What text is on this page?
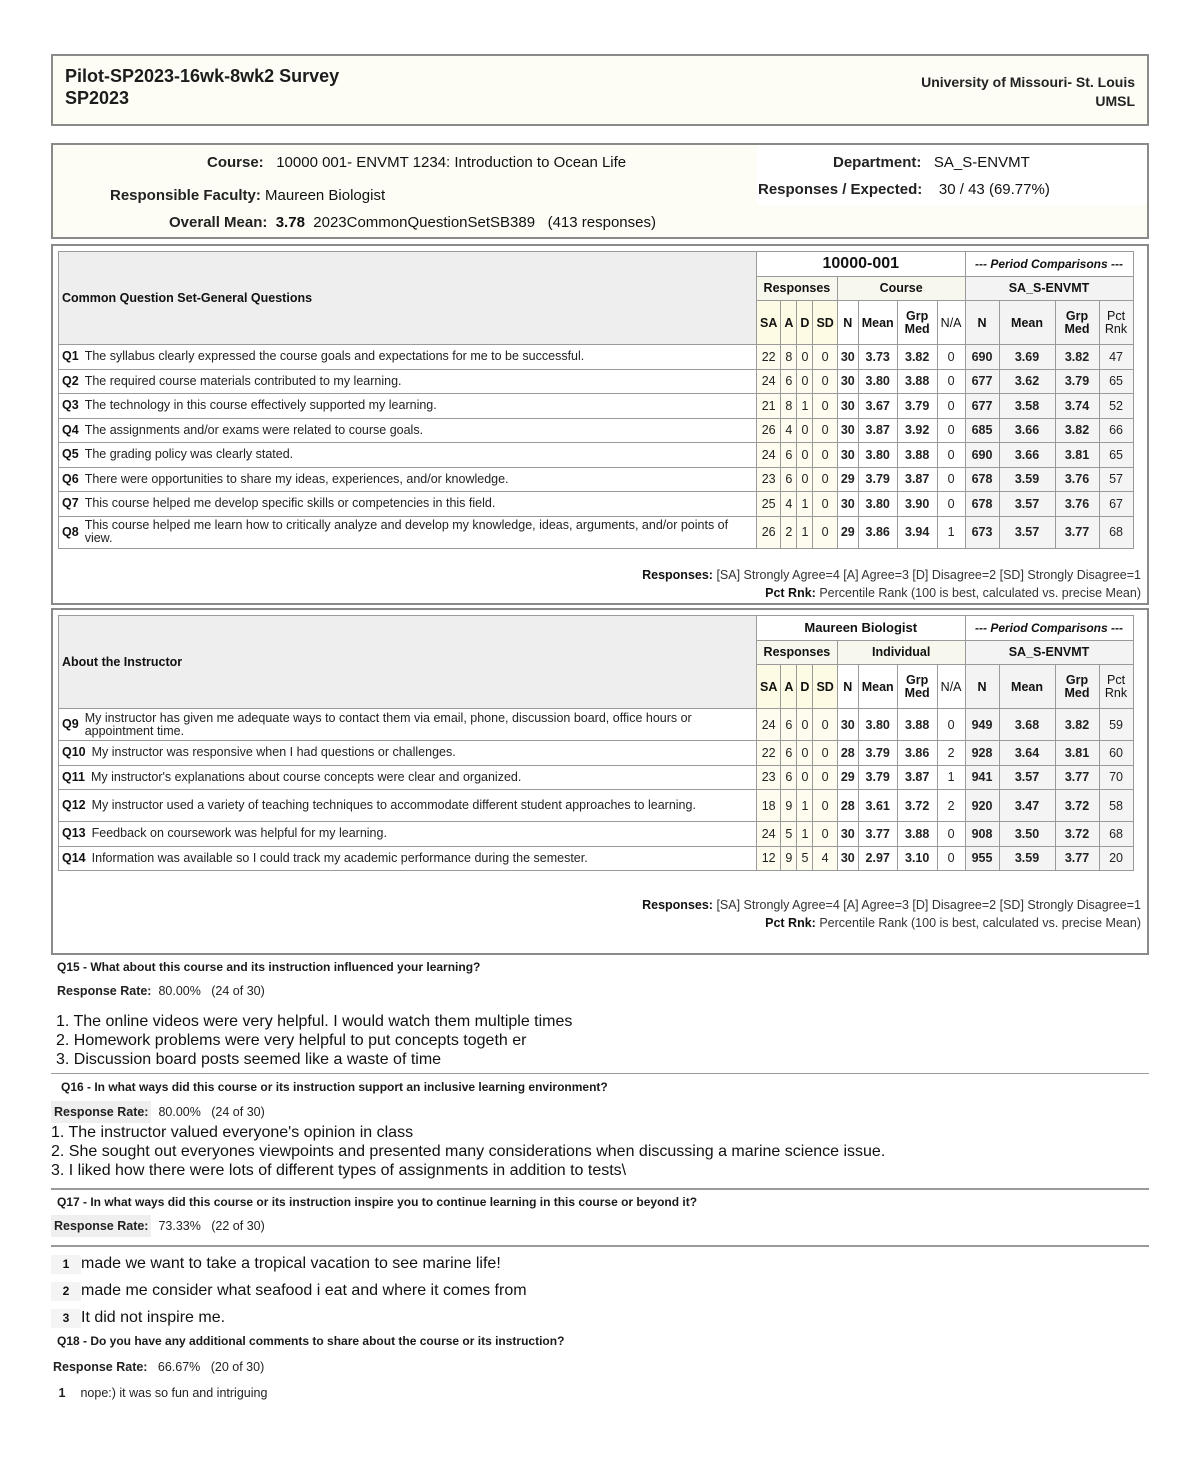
Pilot-SP2023-16wk-8wk2 Survey
SP2023
University of Missouri- St. Louis
UMSL
Course: 10000 001- ENVMT 1234: Introduction to Ocean Life
Responsible Faculty: Maureen Biologist
Overall Mean: 3.78 2023CommonQuestionSetSB389 (413 responses)
Department: SA_S-ENVMT
Responses / Expected: 30 / 43 (69.77%)
Common Question Set-General Questions	10000-001								--- Period Comparisons ---			
	Responses				Course				SA_S-ENVMT			
	SA	A	D	SD	N	Mean	Grp Med	N/A	N	Mean	Grp Med	Pct Rnk

Q1 The syllabus clearly expressed the course goals and expectations for me to be successful.	22	8	0	0	30	3.73	3.82	0	690	3.69	3.82	47

Q2 The required course materials contributed to my learning.	24	6	0	0	30	3.80	3.88	0	677	3.62	3.79	65

Q3 The technology in this course effectively supported my learning.	21	8	1	0	30	3.67	3.79	0	677	3.58	3.74	52

Q4 The assignments and/or exams were related to course goals.	26	4	0	0	30	3.87	3.92	0	685	3.66	3.82	66

Q5 The grading policy was clearly stated.	24	6	0	0	30	3.80	3.88	0	690	3.66	3.81	65

Q6 There were opportunities to share my ideas, experiences, and/or knowledge.	23	6	0	0	29	3.79	3.87	0	678	3.59	3.76	57

Q7 This course helped me develop specific skills or competencies in this field.	25	4	1	0	30	3.80	3.90	0	678	3.57	3.76	67

Q8 This course helped me learn how to critically analyze and develop my knowledge, ideas, arguments, and/or points of view.	26	2	1	0	29	3.86	3.94	1	673	3.57	3.77	68
Responses: [SA] Strongly Agree=4 [A] Agree=3 [D] Disagree=2 [SD] Strongly Disagree=1
Pct Rnk: Percentile Rank (100 is best, calculated vs. precise Mean)
About the Instructor	Maureen Biologist								--- Period Comparisons ---			
	Responses				Individual				SA_S-ENVMT			
	SA	A	D	SD	N	Mean	Grp Med	N/A	N	Mean	Grp Med	Pct Rnk

Q9 My instructor has given me adequate ways to contact them via email, phone, discussion board, office hours or appointment time.	24	6	0	0	30	3.80	3.88	0	949	3.68	3.82	59

Q10 My instructor was responsive when I had questions or challenges.	22	6	0	0	28	3.79	3.86	2	928	3.64	3.81	60

Q11 My instructor's explanations about course concepts were clear and organized.	23	6	0	0	29	3.79	3.87	1	941	3.57	3.77	70

Q12 My instructor used a variety of teaching techniques to accommodate different student approaches to learning.	18	9	1	0	28	3.61	3.72	2	920	3.47	3.72	58

Q13 Feedback on coursework was helpful for my learning.	24	5	1	0	30	3.77	3.88	0	908	3.50	3.72	68

Q14 Information was available so I could track my academic performance during the semester.	12	9	5	4	30	2.97	3.10	0	955	3.59	3.77	20
Responses: [SA] Strongly Agree=4 [A] Agree=3 [D] Disagree=2 [SD] Strongly Disagree=1
Pct Rnk: Percentile Rank (100 is best, calculated vs. precise Mean)
Q15 - What about this course and its instruction influenced your learning?
Response Rate: 80.00% (24 of 30)
1. The online videos were very helpful. I would watch them multiple times
2. Homework problems were very helpful to put concepts togeth er
3. Discussion board posts seemed like a waste of time
Q16 - In what ways did this course or its instruction support an inclusive learning environment?
Response Rate: 80.00% (24 of 30)
1. The instructor valued everyone's opinion in class
2. She sought out everyones viewpoints and presented many considerations when discussing a marine science issue.
3. I liked how there were lots of different types of assignments in addition to tests\
Q17 - In what ways did this course or its instruction inspire you to continue learning in this course or beyond it?
Response Rate: 73.33% (22 of 30)
1 made we want to take a tropical vacation to see marine life!
2 made me consider what seafood i eat and where it comes from
3 It did not inspire me.
Q18 - Do you have any additional comments to share about the course or its instruction?
Response Rate: 66.67% (20 of 30)
1 nope:) it was so fun and intriguing
